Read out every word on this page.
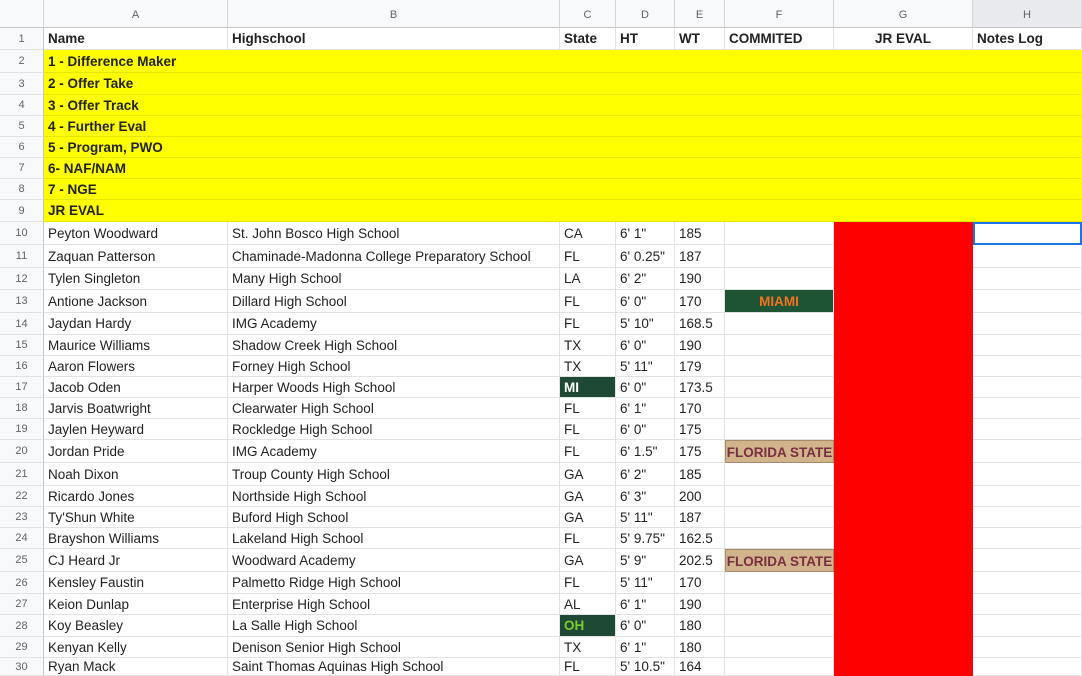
A	B	C	D	E	F	G	H
1	Name	Highschool	State	HT	WT	COMMITED	JR EVAL	Notes Log
2	1 - Difference Maker
3	2 - Offer Take
4	3 - Offer Track
5	4 - Further Eval
6	5 - Program, PWO
7	6- NAF/NAM
8	7 - NGE
9	JR EVAL
10	Peyton Woodward	St. John Bosco High School	CA	6' 1"	185
11	Zaquan Patterson	Chaminade-Madonna College Preparatory School	FL	6' 0.25"	187
12	Tylen Singleton	Many High School	LA	6' 2"	190
13	Antione Jackson	Dillard High School	FL	6' 0"	170	MIAMI
14	Jaydan Hardy	IMG Academy	FL	5' 10"	168.5
15	Maurice Williams	Shadow Creek High School	TX	6' 0"	190
16	Aaron Flowers	Forney High School	TX	5' 11"	179
17	Jacob Oden	Harper Woods High School	MI	6' 0"	173.5
18	Jarvis Boatwright	Clearwater High School	FL	6' 1"	170
19	Jaylen Heyward	Rockledge High School	FL	6' 0"	175
20	Jordan Pride	IMG Academy	FL	6' 1.5"	175	FLORIDA STATE
21	Noah Dixon	Troup County High School	GA	6' 2"	185
22	Ricardo Jones	Northside High School	GA	6' 3"	200
23	Ty'Shun White	Buford High School	GA	5' 11"	187
24	Brayshon Williams	Lakeland High School	FL	5' 9.75"	162.5
25	CJ Heard Jr	Woodward Academy	GA	5' 9"	202.5	FLORIDA STATE
26	Kensley Faustin	Palmetto Ridge High School	FL	5' 11"	170
27	Keion Dunlap	Enterprise High School	AL	6' 1"	190
28	Koy Beasley	La Salle High School	OH	6' 0"	180
29	Kenyan Kelly	Denison Senior High School	TX	6' 1"	180
30	Ryan Mack	Saint Thomas Aquinas High School	FL	5' 10.5"	164
